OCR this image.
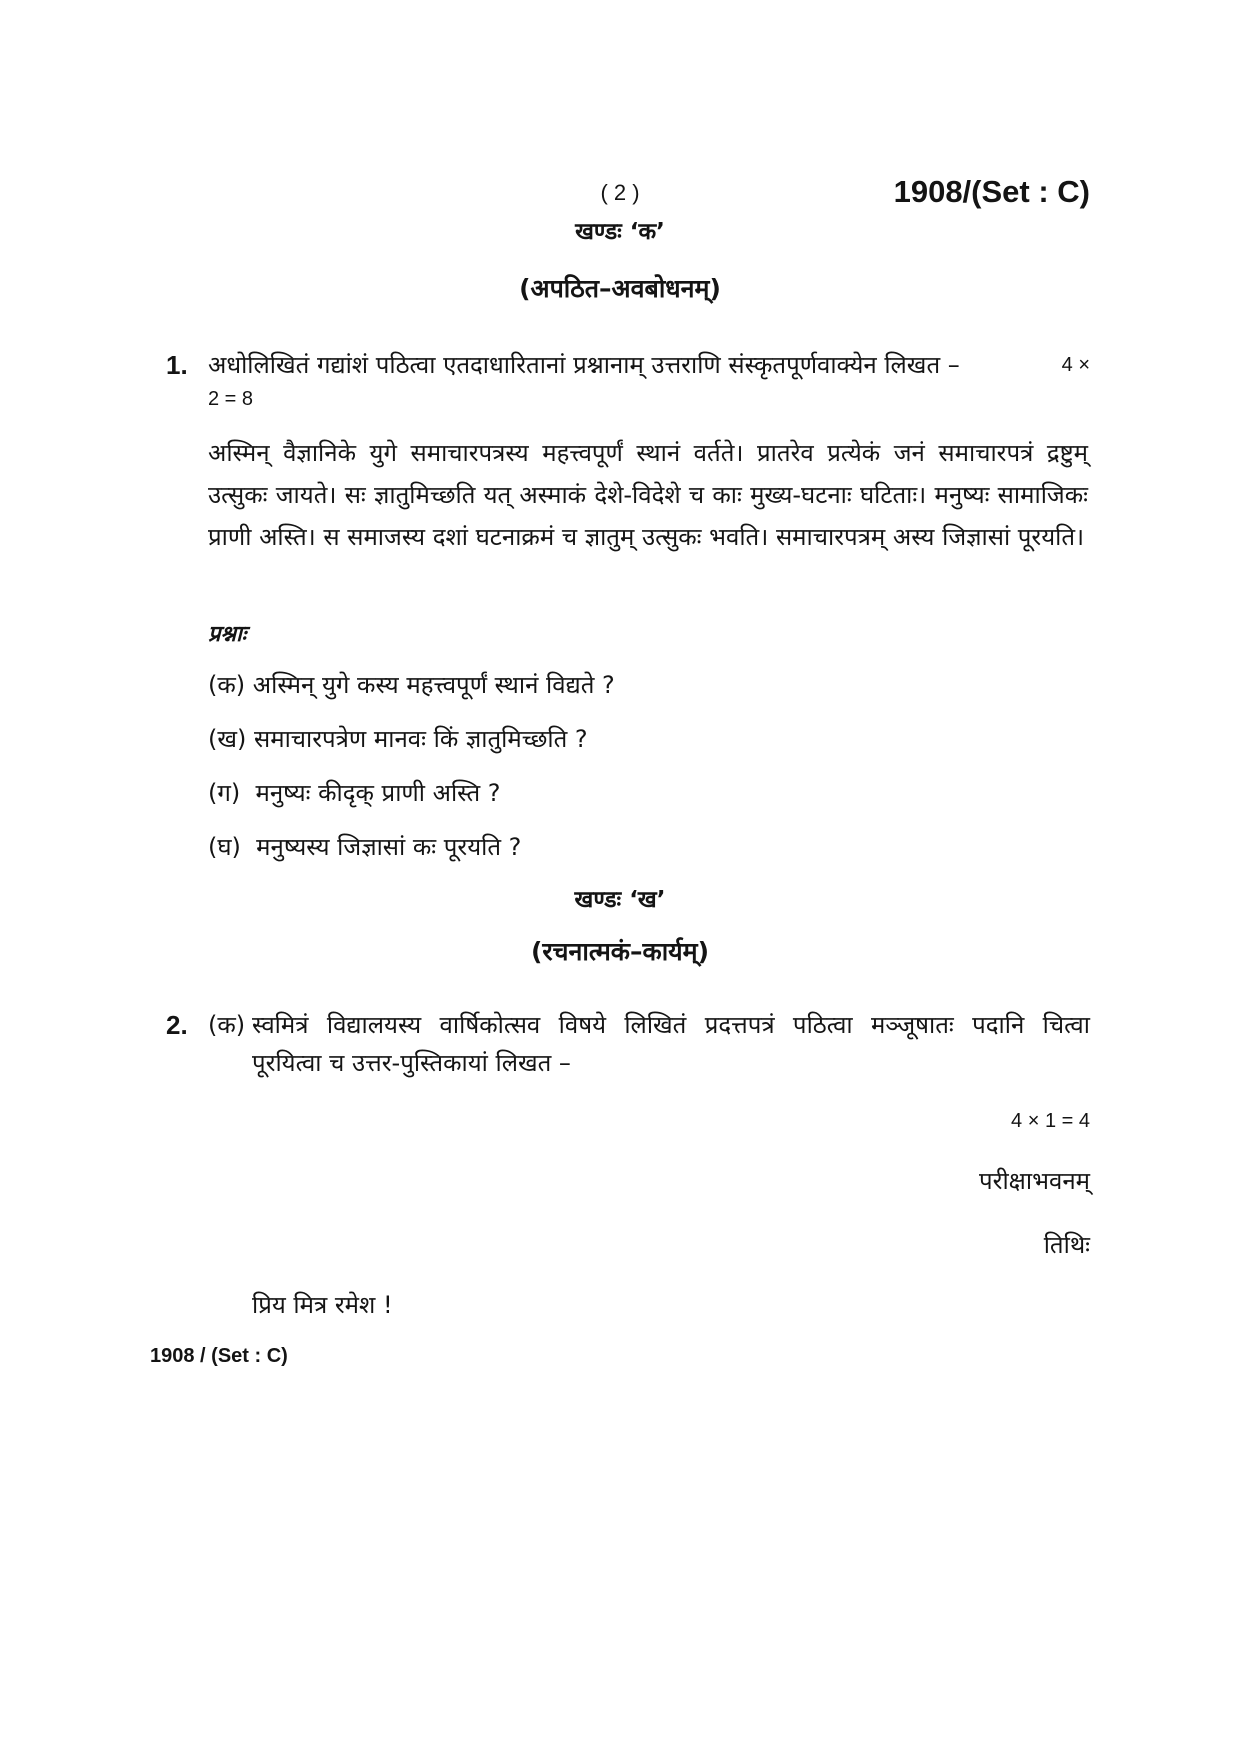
( 2 )	1908/(Set : C)
खण्डः ‘क’
(अपठित–अवबोधनम्)
1. अधोलिखितं गद्यांशं पठित्वा एतदाधारितानां प्रश्नानाम् उत्तराणि संस्कृतपूर्णवाक्येन लिखत –	4 ×
2 = 8
अस्मिन् वैज्ञानिके युगे समाचारपत्रस्य महत्त्वपूर्णं स्थानं वर्तते। प्रातरेव प्रत्येकं जनं समाचारपत्रं द्रष्टुम् उत्सुकः जायते। सः ज्ञातुमिच्छति यत् अस्माकं देशे-विदेशे च काः मुख्य-घटनाः घटिताः। मनुष्यः सामाजिकः प्राणी अस्ति। स समाजस्य दशां घटनाक्रमं च ज्ञातुम् उत्सुकः भवति। समाचारपत्रम् अस्य जिज्ञासां पूरयति।
प्रश्नाः
(क) अस्मिन् युगे कस्य महत्त्वपूर्णं स्थानं विद्यते ?
(ख) समाचारपत्रेण मानवः किं ज्ञातुमिच्छति ?
(ग)  मनुष्यः कीदृक् प्राणी अस्ति ?
(घ)  मनुष्यस्य जिज्ञासां कः पूरयति ?
खण्डः ‘ख’
(रचनात्मकं–कार्यम्)
2. (क) स्वमित्रं विद्यालयस्य वार्षिकोत्सव विषये लिखितं प्रदत्तपत्रं पठित्वा मञ्जूषातः पदानि चित्वा
पूरयित्वा च उत्तर-पुस्तिकायां लिखत –
4 × 1 = 4
परीक्षाभवनम्
तिथिः
प्रिय मित्र रमेश !
1908 / (Set : C)
